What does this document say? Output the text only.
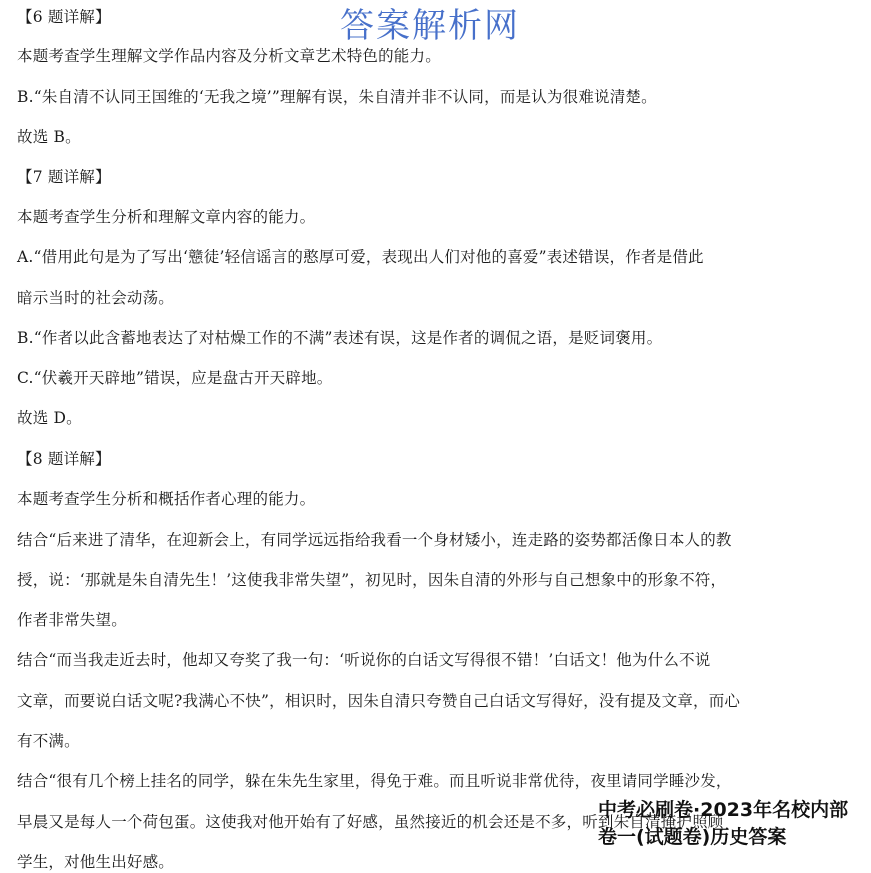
【6 题详解】
本题考查学生理解文学作品内容及分析文章艺术特色的能力。
B.“朱自清不认同王国维的‘无我之境’”理解有误，朱自清并非不认同，而是认为很难说清楚。
故选 B。
【7 题详解】
本题考查学生分析和理解文章内容的能力。
A.“借用此句是为了写出‘戆徒’轻信谣言的憨厚可爱，表现出人们对他的喜爱”表述错误，作者是借此
暗示当时的社会动荡。
B.“作者以此含蓄地表达了对枯燥工作的不满”表述有误，这是作者的调侃之语，是贬词褒用。
C.“伏羲开天辟地”错误，应是盘古开天辟地。
故选 D。
【8 题详解】
本题考查学生分析和概括作者心理的能力。
结合“后来进了清华，在迎新会上，有同学远远指给我看一个身材矮小，连走路的姿势都活像日本人的教
授，说：‘那就是朱自清先生！’这使我非常失望”，初见时，因朱自清的外形与自己想象中的形象不符，
作者非常失望。
结合“而当我走近去时，他却又夸奖了我一句：‘听说你的白话文写得很不错！’白话文！他为什么不说
文章，而要说白话文呢?我满心不快”，相识时，因朱自清只夸赞自己白话文写得好，没有提及文章，而心
有不满。
结合“很有几个榜上挂名的同学，躲在朱先生家里，得免于难。而且听说非常优待，夜里请同学睡沙发，
早晨又是每人一个荷包蛋。这使我对他开始有了好感，虽然接近的机会还是不多，听到朱自清掩护照顾
学生，对他生出好感。
答案解析网
中考必刷卷·2023年名校内部
卷一(试题卷)历史答案
